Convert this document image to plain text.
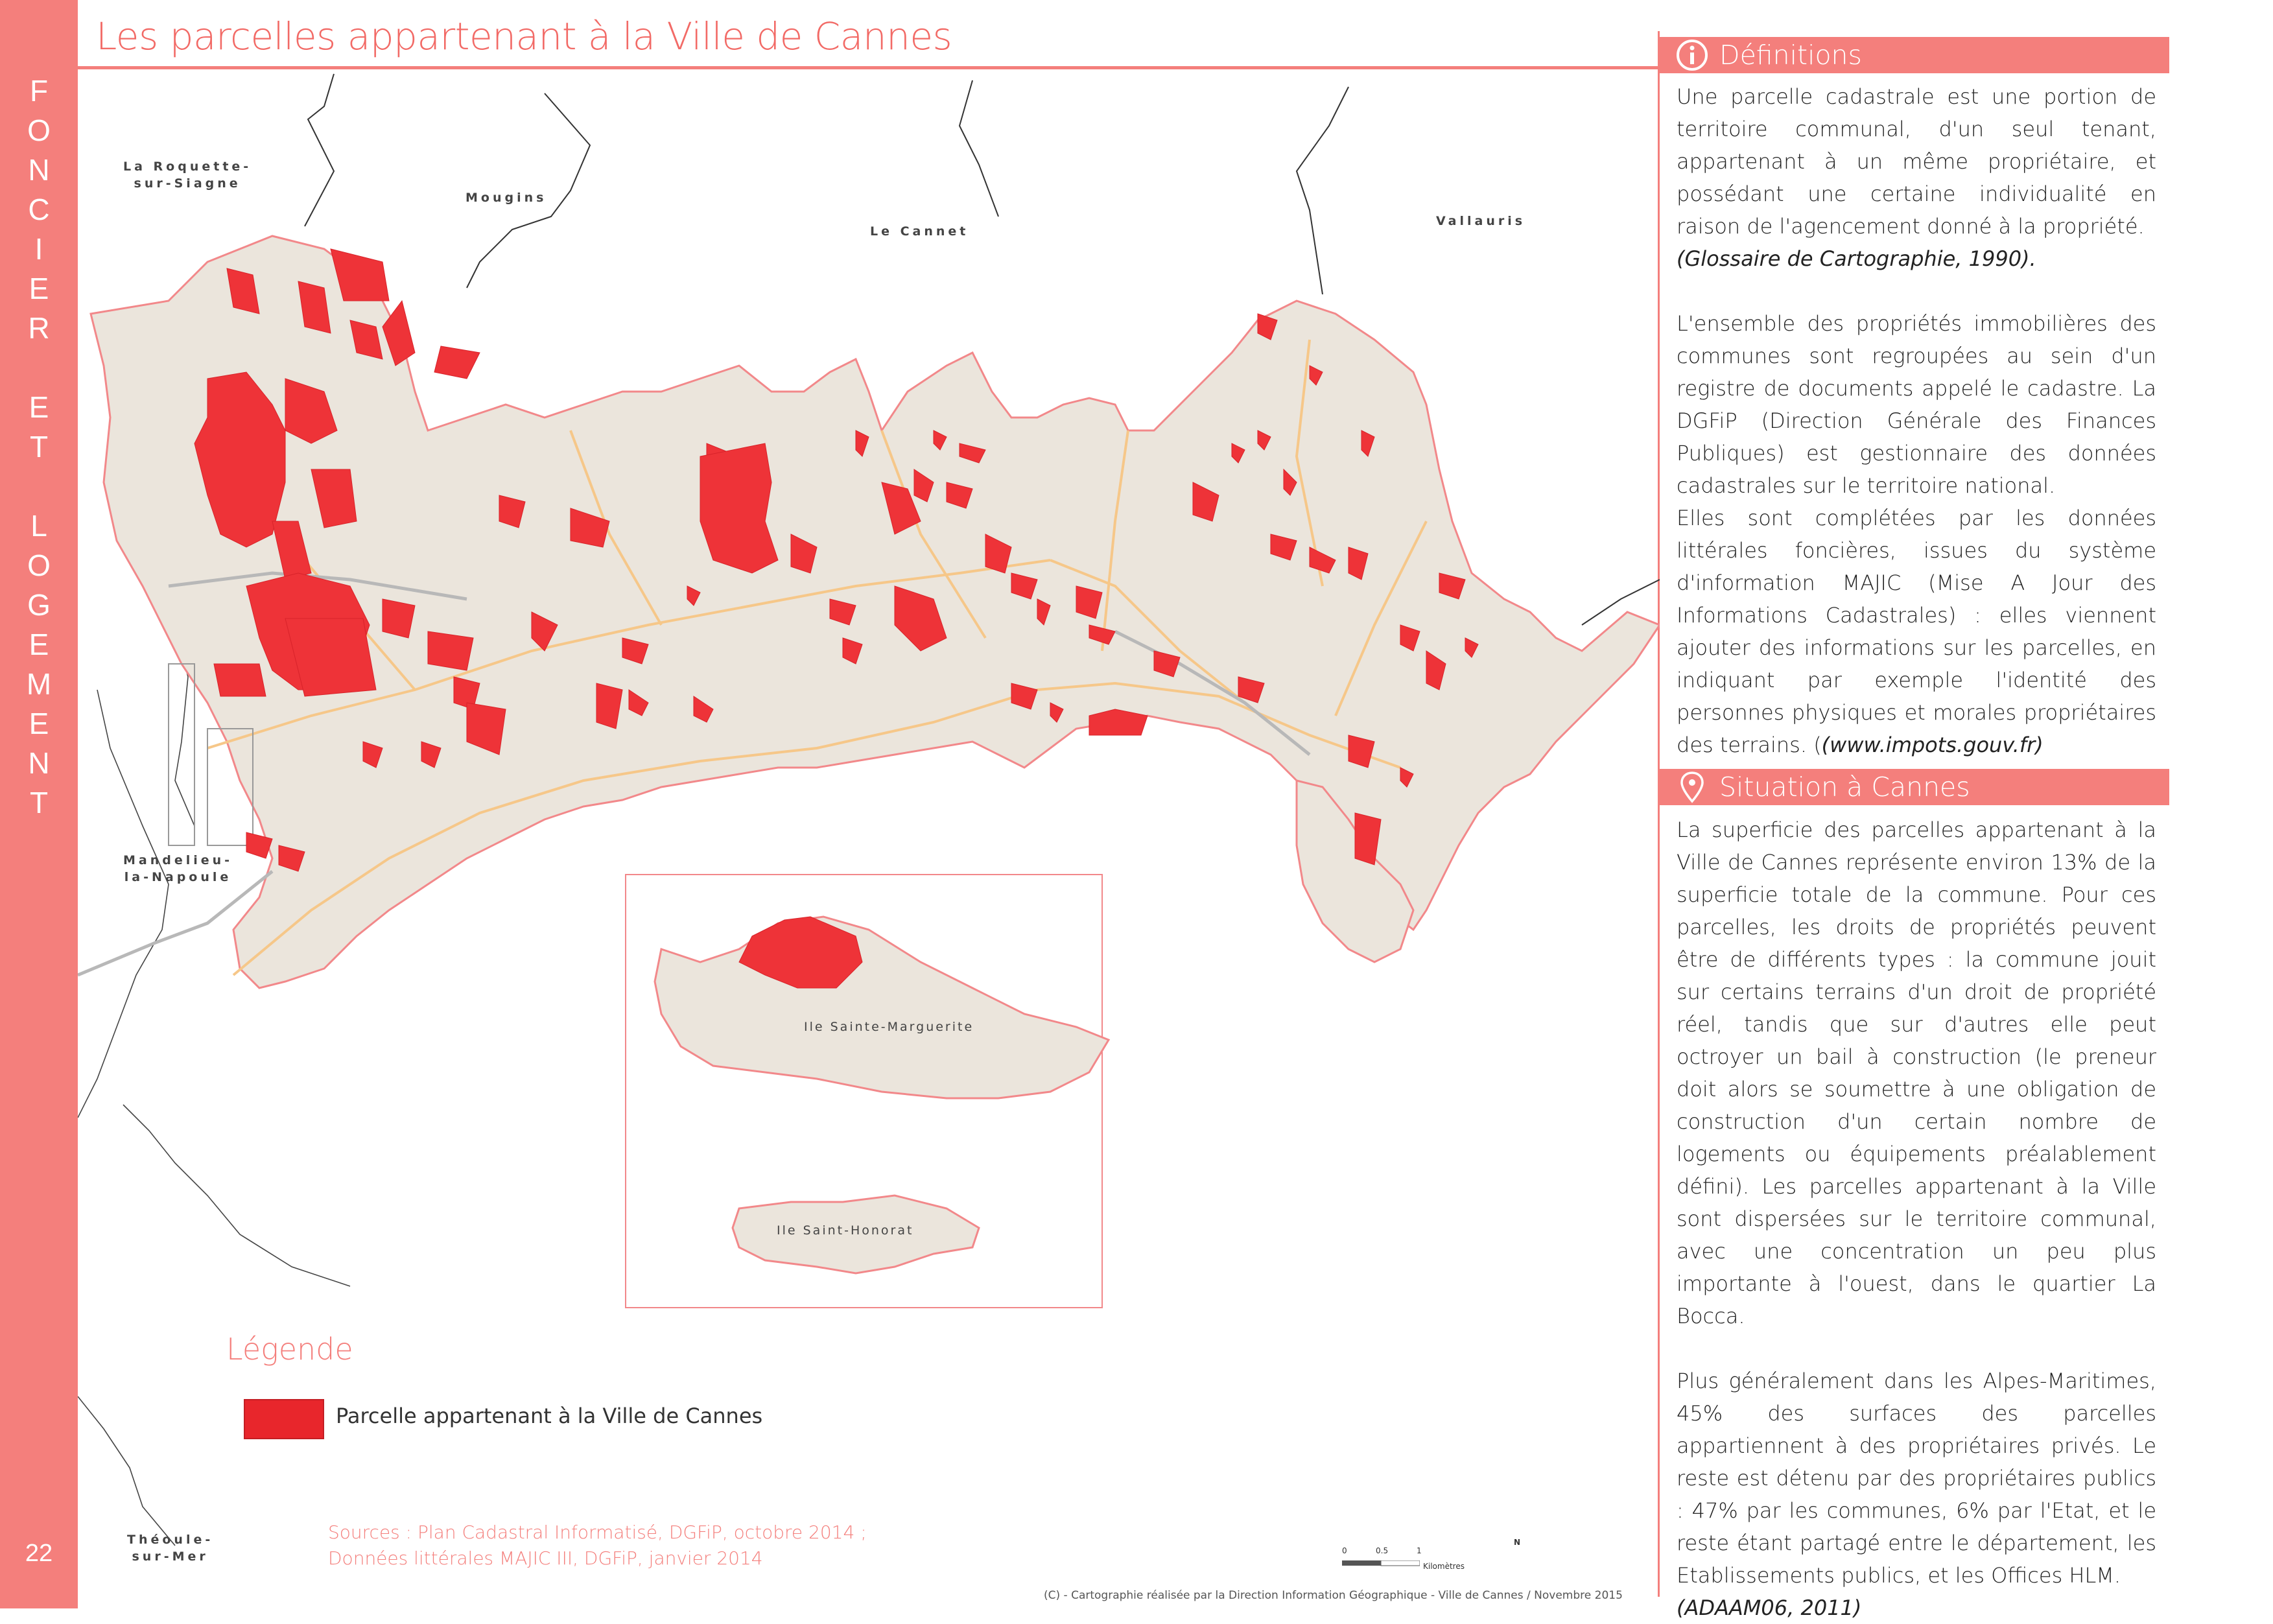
F
O
N
C
I
E
R

E
T

L
O
G
E
M
E
N
T
22
Les parcelles appartenant à la Ville de Cannes
La Roquette-
sur-Siagne
Mougins
Le Cannet
Vallauris
Mandelieu-
la-Napoule
Théoule-
sur-Mer
Ile Sainte-Marguerite
Ile Saint-Honorat
N
0	0.5	1
Kilomètres
Légende
Parcelle appartenant à la Ville de Cannes
Sources : Plan Cadastral Informatisé, DGFiP, octobre 2014 ;
Données littérales MAJIC III, DGFiP, janvier 2014
(C) - Cartographie réalisée par la Direction Information Géographique - Ville de Cannes / Novembre 2015
Définitions

Une parcelle cadastrale est une portion de territoire communal, d'un seul tenant, appartenant à un même propriétaire, et possédant une certaine individualité en raison de l'agencement donné à la propriété.

(Glossaire de Cartographie, 1990).

L'ensemble des propriétés immobilières des communes sont regroupées au sein d'un registre de documents appelé le cadastre. La DGFiP (Direction Générale des Finances Publiques) est gestionnaire des données cadastrales sur le territoire national.

Elles sont complétées par les données littérales foncières, issues du système d'information MAJIC (Mise A Jour des Informations Cadastrales) : elles viennent ajouter des informations sur les parcelles, en indiquant par exemple l'identité des personnes physiques et morales propriétaires des terrains. ((www.impots.gouv.fr)

Situation à Cannes

La superficie des parcelles appartenant à la Ville de Cannes représente environ 13% de la superficie totale de la commune. Pour ces parcelles, les droits de propriétés peuvent être de différents types : la commune jouit sur certains terrains d'un droit de propriété réel, tandis que sur d'autres elle peut octroyer un bail à construction (le preneur doit alors se soumettre à une obligation de construction d'un certain nombre de logements ou équipements préalablement défini). Les parcelles appartenant à la Ville sont dispersées sur le territoire communal, avec une concentration un peu plus importante à l'ouest, dans le quartier La Bocca.

Plus généralement dans les Alpes-Maritimes, 45% des surfaces des parcelles appartiennent à des propriétaires privés. Le reste est détenu par des propriétaires publics : 47% par les communes, 6% par l'Etat, et le reste étant partagé entre le département, les Etablissements publics, et les Offices HLM.

(ADAAM06, 2011)
